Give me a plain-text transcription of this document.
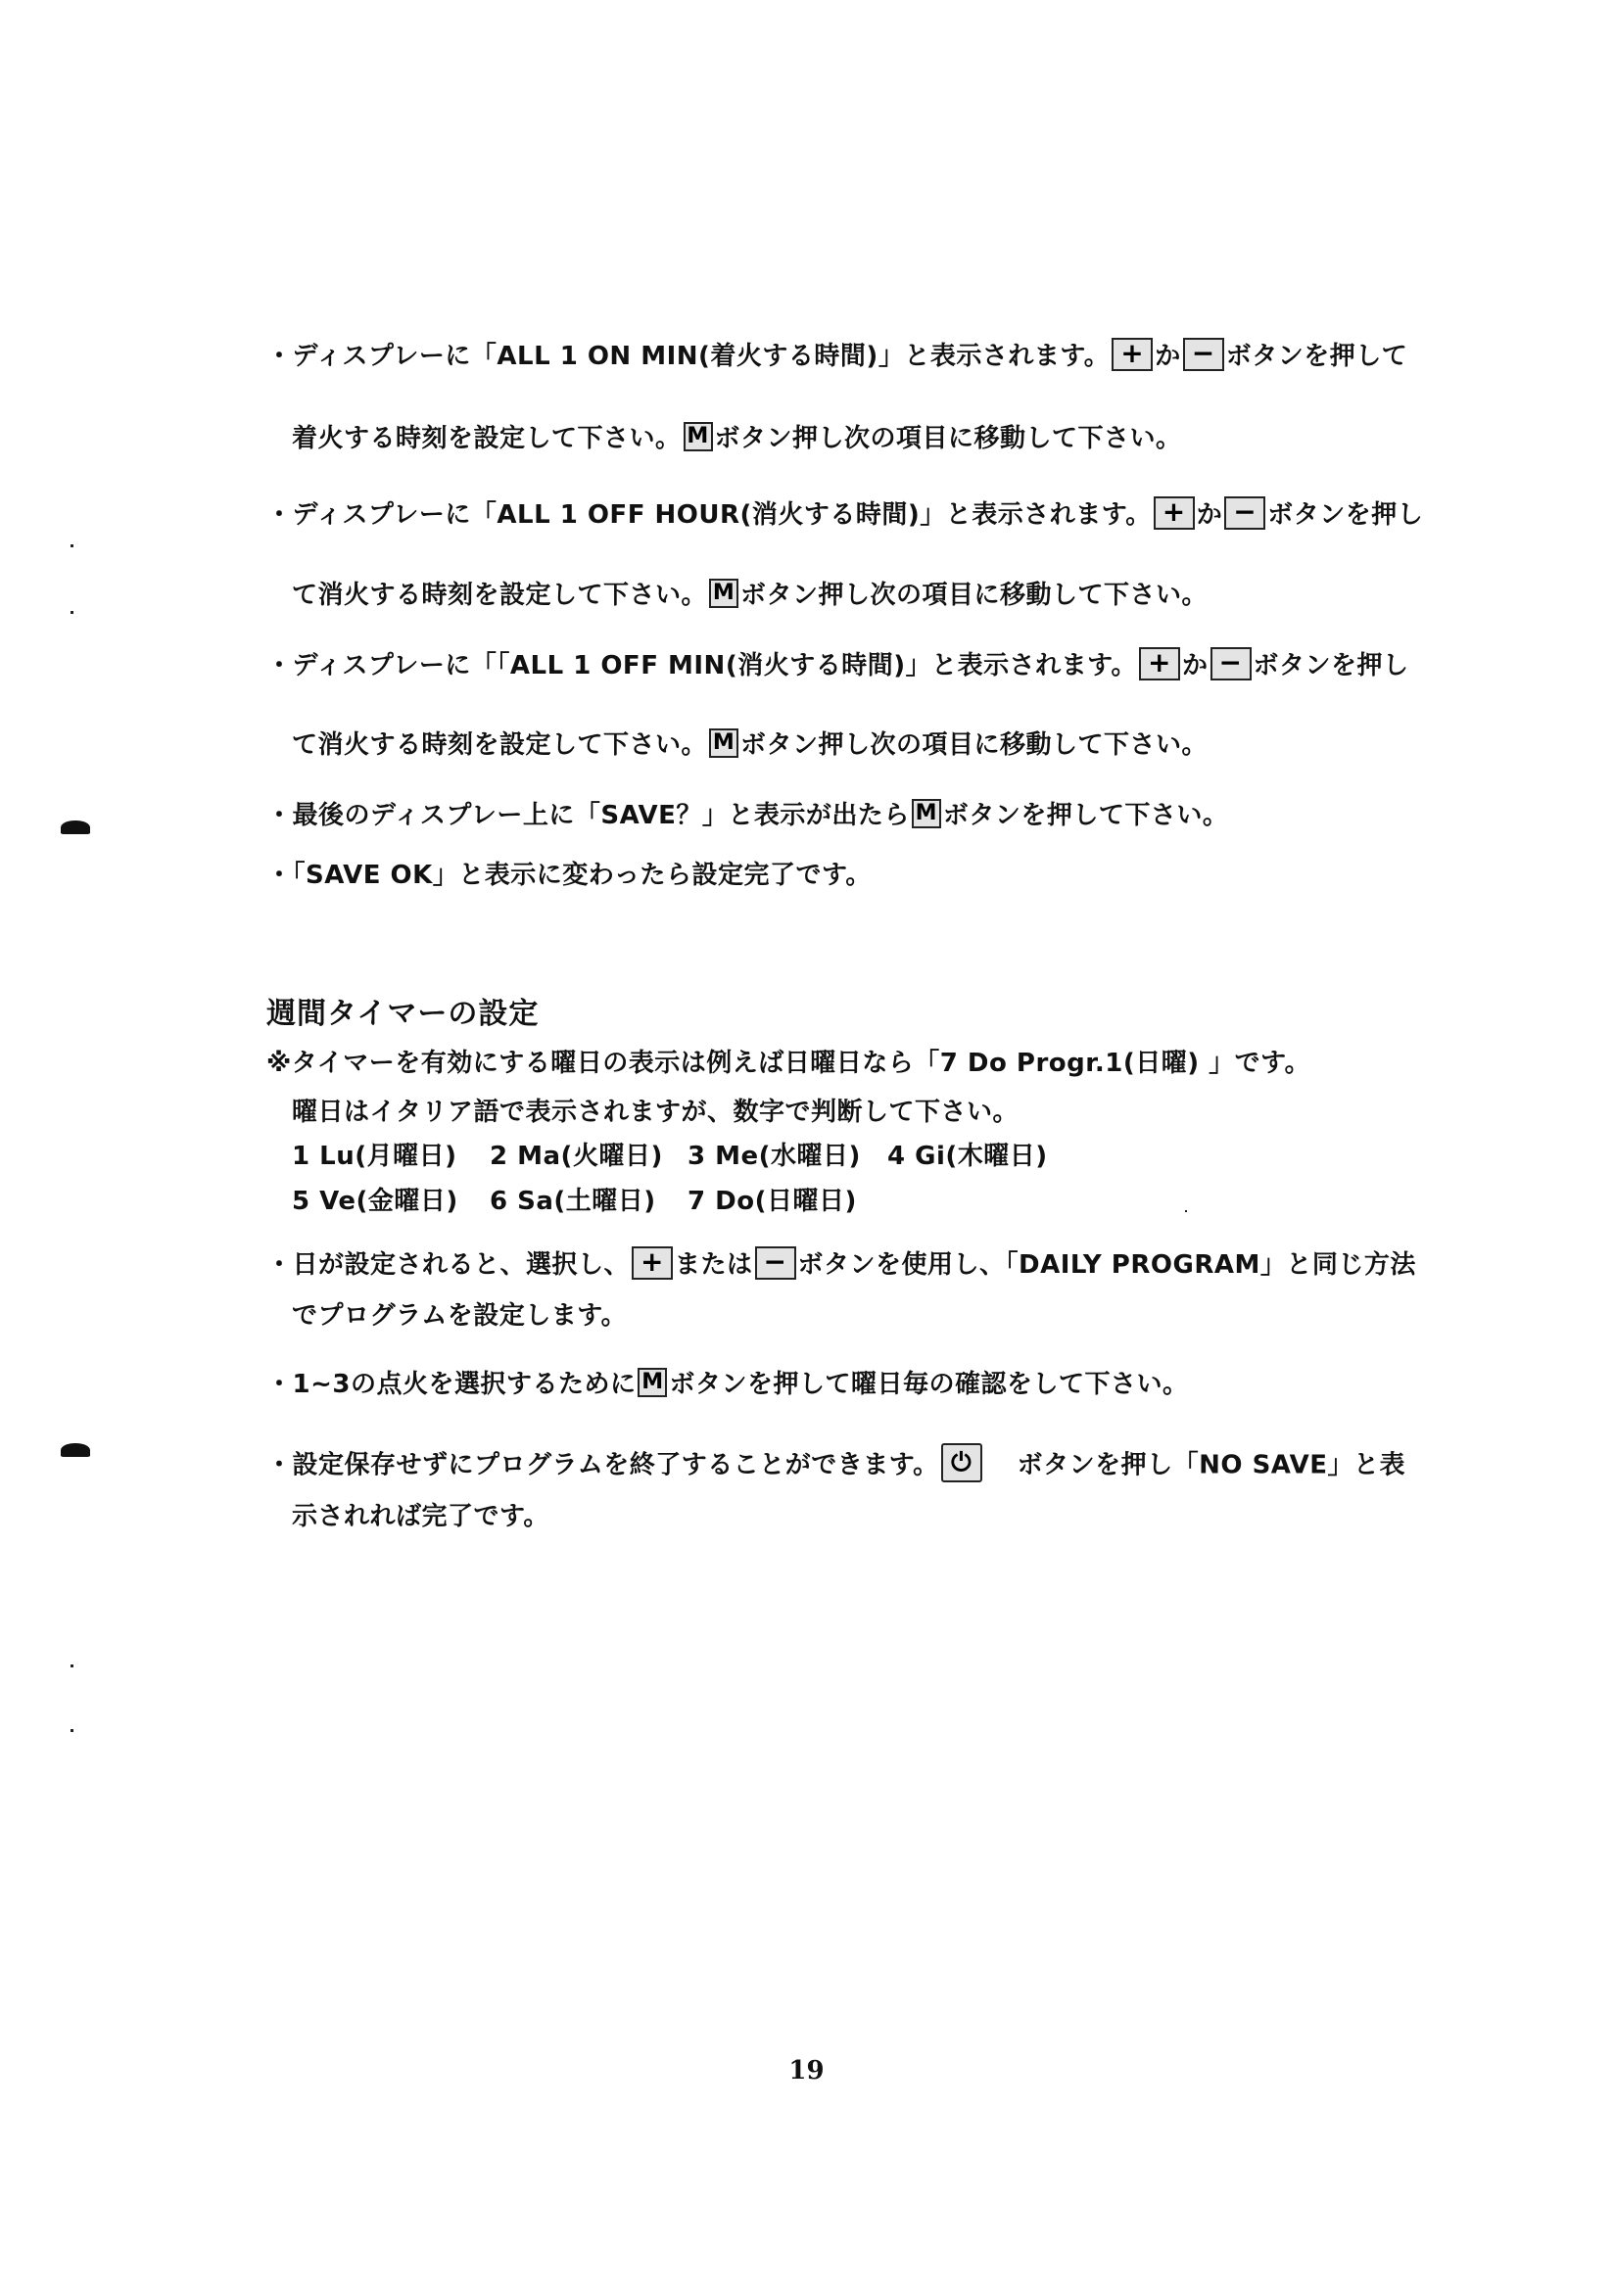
・ディスプレーに「ALL 1 ON MIN(着火する時間)」と表示されます。 + か − ボタンを押して
着火する時刻を設定して下さい。 M ボタン押し次の項目に移動して下さい。
・ディスプレーに「ALL 1 OFF HOUR(消火する時間)」と表示されます。 + か − ボタンを押し
て消火する時刻を設定して下さい。 M ボタン押し次の項目に移動して下さい。
・ディスプレーに「「ALL 1 OFF MIN(消火する時間)」と表示されます。 + か − ボタンを押し
て消火する時刻を設定して下さい。 M ボタン押し次の項目に移動して下さい。
・最後のディスプレー上に「SAVE？」と表示が出たら M ボタンを押して下さい。
・「SAVE OK」と表示に変わったら設定完了です。
週間タイマーの設定
※タイマーを有効にする曜日の表示は例えば日曜日なら「7 Do Progr.1(日曜) 」です。
曜日はイタリア語で表示されますが、数字で判断して下さい。
1 Lu(月曜日) 2 Ma(火曜日) 3 Me(水曜日) 4 Gi(木曜日)
5 Ve(金曜日) 6 Sa(土曜日) 7 Do(日曜日)
・日が設定されると、選択し、 + または − ボタンを使用し、「DAILY PROGRAM」と同じ方法
でプログラムを設定します。
・1~3の点火を選択するために M ボタンを押して曜日毎の確認をして下さい。
・設定保存せずにプログラムを終了することができます。 ⏻ ボタンを押し「NO SAVE」と表
示されれば完了です。
19
